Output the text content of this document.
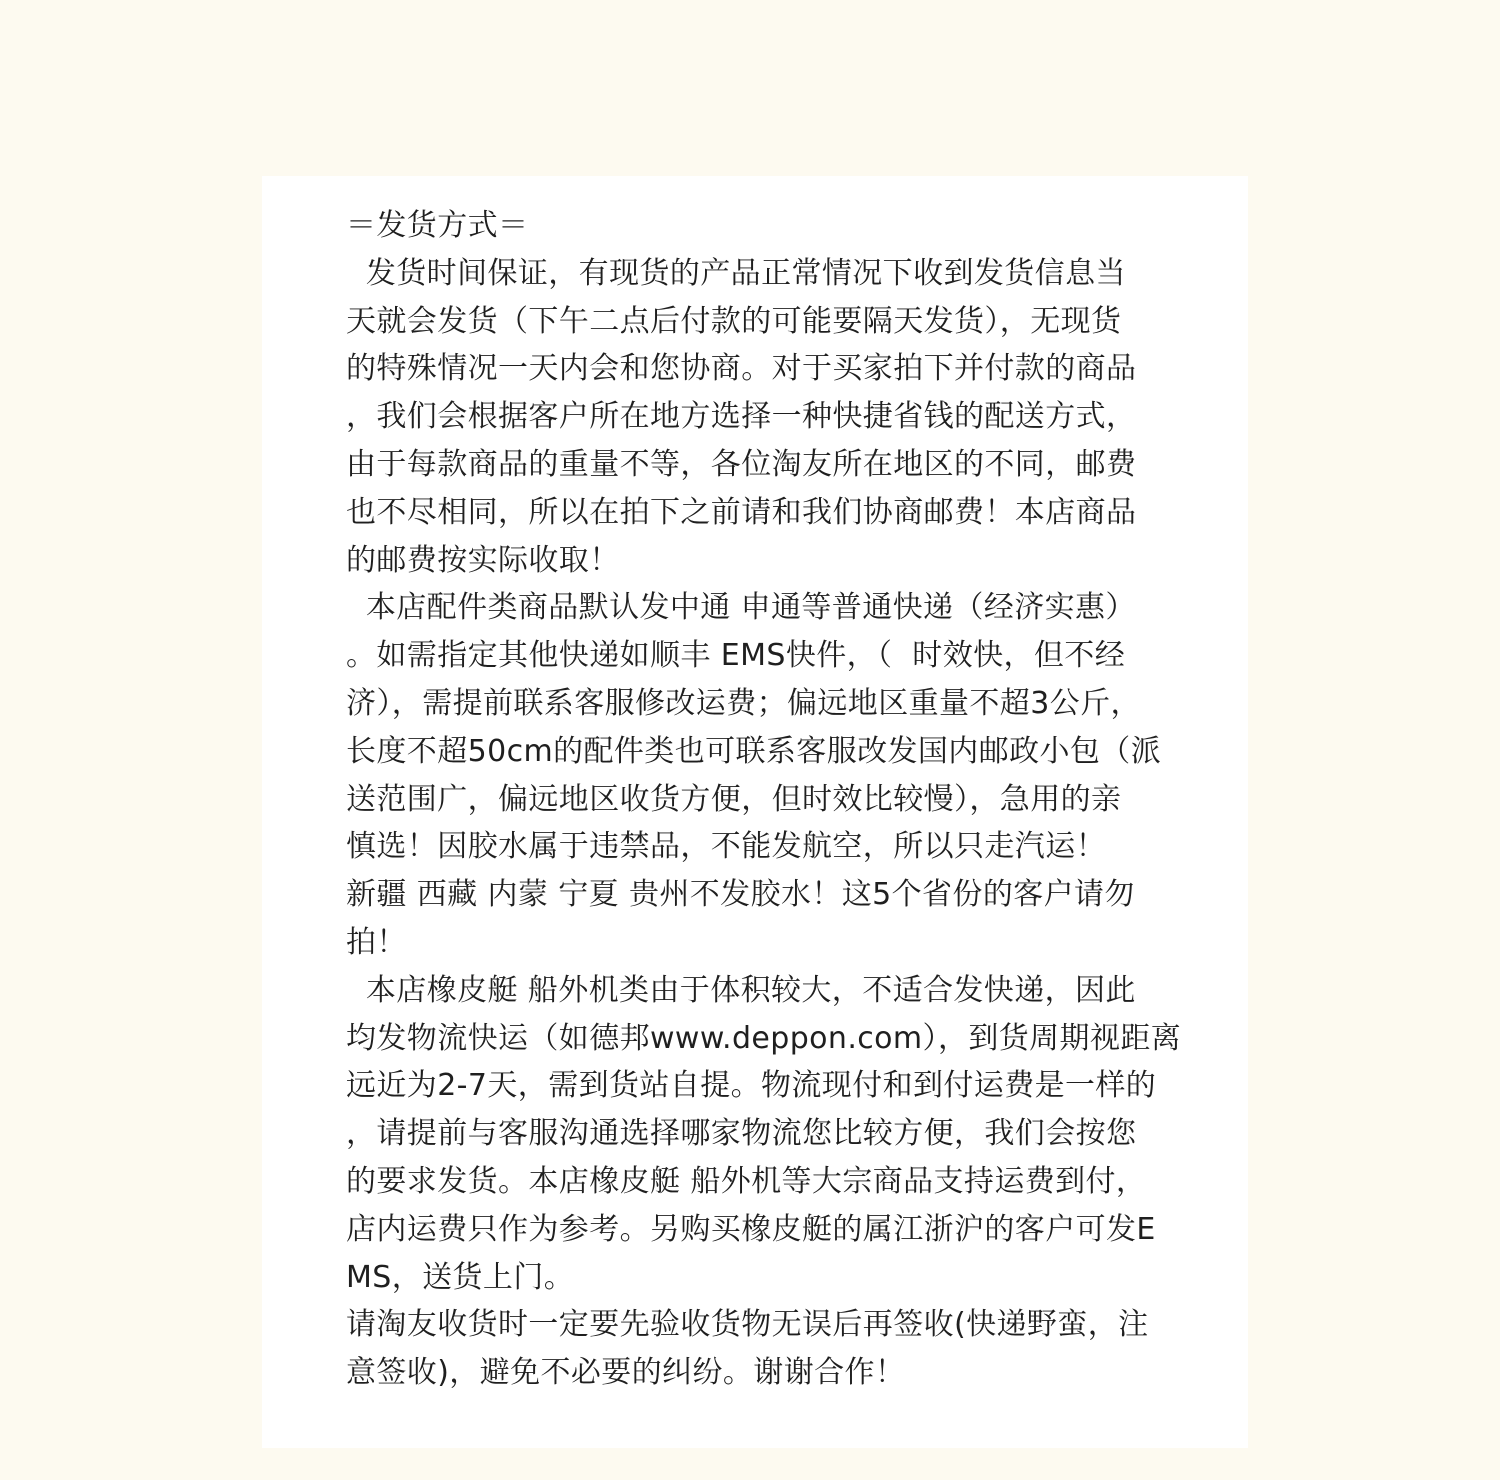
＝发货方式＝
发货时间保证，有现货的产品正常情况下收到发货信息当
天就会发货（下午二点后付款的可能要隔天发货），无现货
的特殊情况一天内会和您协商。对于买家拍下并付款的商品
，我们会根据客户所在地方选择一种快捷省钱的配送方式，
由于每款商品的重量不等，各位淘友所在地区的不同，邮费
也不尽相同，所以在拍下之前请和我们协商邮费！本店商品
的邮费按实际收取！
本店配件类商品默认发中通 申通等普通快递（经济实惠）
。如需指定其他快递如顺丰 EMS快件，（  时效快，但不经
济），需提前联系客服修改运费；偏远地区重量不超3公斤，
长度不超50cm的配件类也可联系客服改发国内邮政小包（派
送范围广，偏远地区收货方便，但时效比较慢），急用的亲
慎选！因胶水属于违禁品，不能发航空，所以只走汽运！
新疆 西藏 内蒙 宁夏 贵州不发胶水！这5个省份的客户请勿
拍！
本店橡皮艇 船外机类由于体积较大，不适合发快递，因此
均发物流快运（如德邦www.deppon.com），到货周期视距离
远近为2-7天，需到货站自提。物流现付和到付运费是一样的
，请提前与客服沟通选择哪家物流您比较方便，我们会按您
的要求发货。本店橡皮艇 船外机等大宗商品支持运费到付，
店内运费只作为参考。另购买橡皮艇的属江浙沪的客户可发E
MS，送货上门。
请淘友收货时一定要先验收货物无误后再签收(快递野蛮，注
意签收)，避免不必要的纠纷。谢谢合作！
